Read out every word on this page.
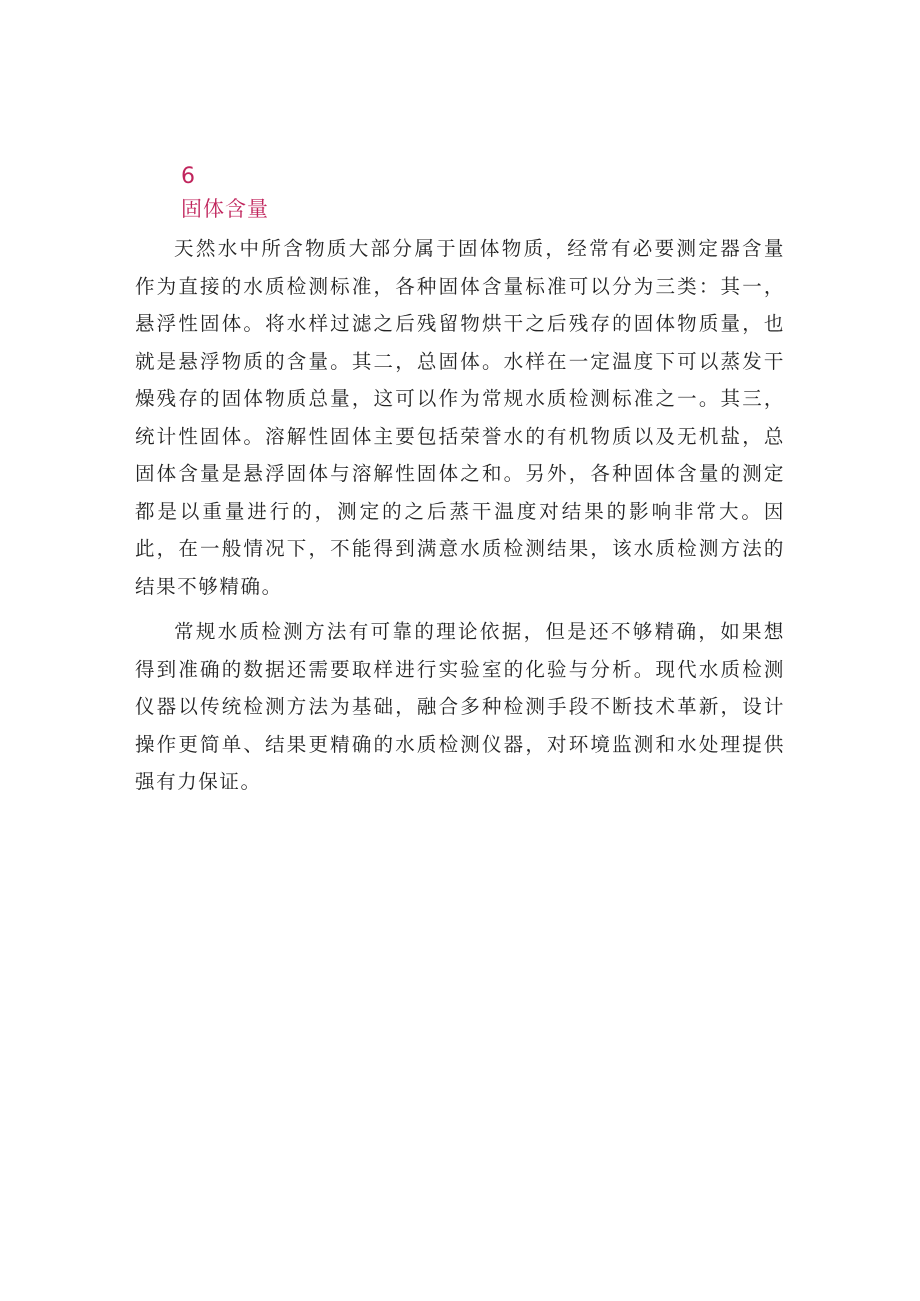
6
固体含量

天然水中所含物质大部分属于固体物质，经常有必要测定器含量作为直接的水质检测标准，各种固体含量标准可以分为三类：其一，悬浮性固体。将水样过滤之后残留物烘干之后残存的固体物质量，也就是悬浮物质的含量。其二，总固体。水样在一定温度下可以蒸发干燥残存的固体物质总量，这可以作为常规水质检测标准之一。其三，统计性固体。溶解性固体主要包括荣誉水的有机物质以及无机盐，总固体含量是悬浮固体与溶解性固体之和。另外，各种固体含量的测定都是以重量进行的，测定的之后蒸干温度对结果的影响非常大。因此，在一般情况下，不能得到满意水质检测结果，该水质检测方法的结果不够精确。

常规水质检测方法有可靠的理论依据，但是还不够精确，如果想得到准确的数据还需要取样进行实验室的化验与分析。现代水质检测仪器以传统检测方法为基础，融合多种检测手段不断技术革新，设计操作更简单、结果更精确的水质检测仪器，对环境监测和水处理提供强有力保证。
